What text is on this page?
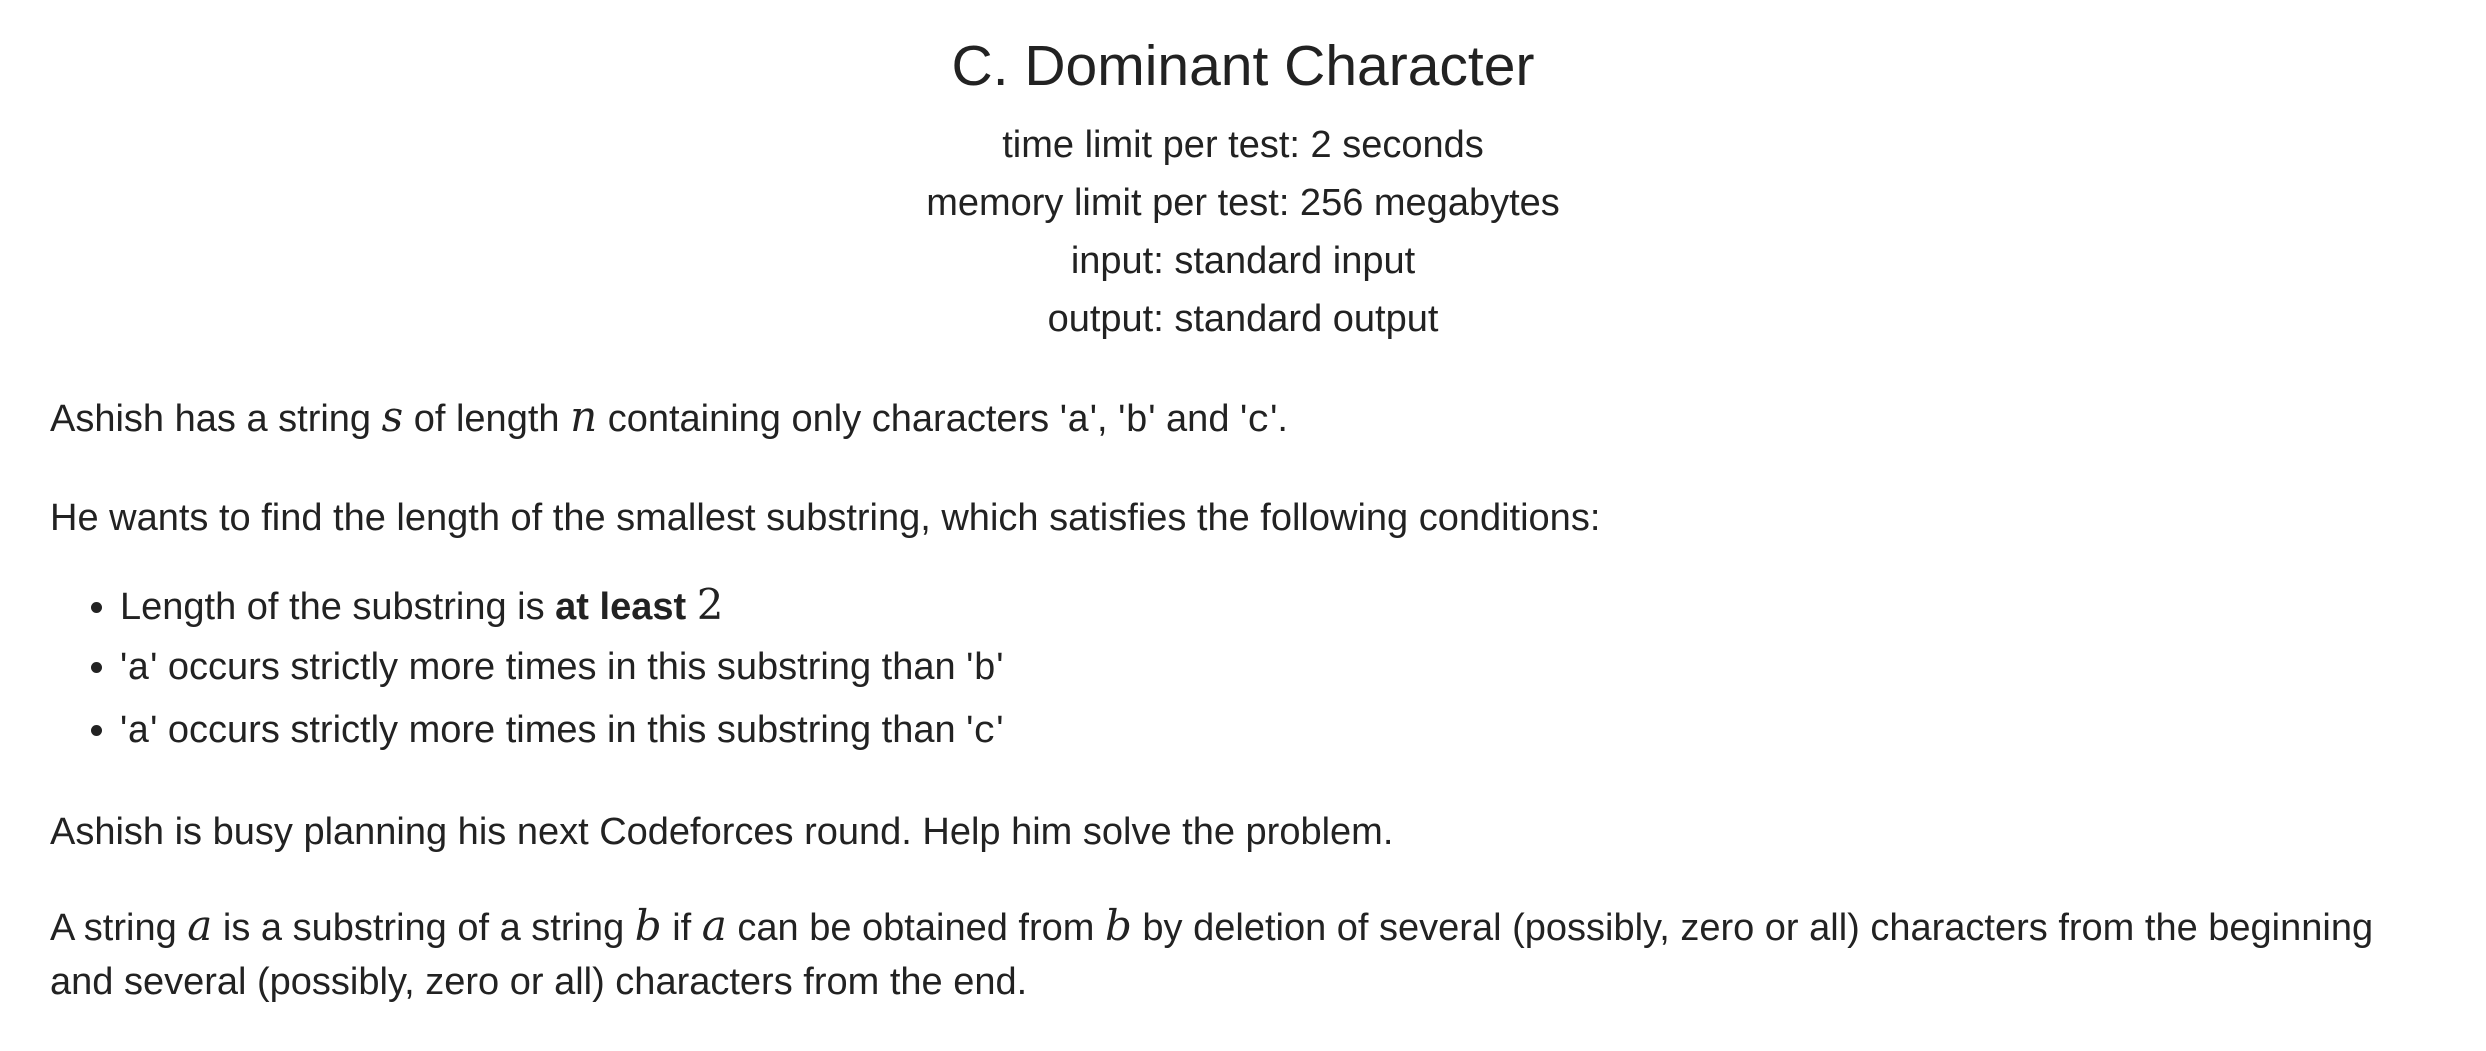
C. Dominant Character
time limit per test: 2 seconds
memory limit per test: 256 megabytes
input: standard input
output: standard output

Ashish has a string s of length n containing only characters 'a', 'b' and 'c'.

He wants to find the length of the smallest substring, which satisfies the following conditions:

• Length of the substring is at least 2
• 'a' occurs strictly more times in this substring than 'b'
• 'a' occurs strictly more times in this substring than 'c'

Ashish is busy planning his next Codeforces round. Help him solve the problem.

A string a is a substring of a string b if a can be obtained from b by deletion of several (possibly, zero or all) characters from the beginning and several (possibly, zero or all) characters from the end.
